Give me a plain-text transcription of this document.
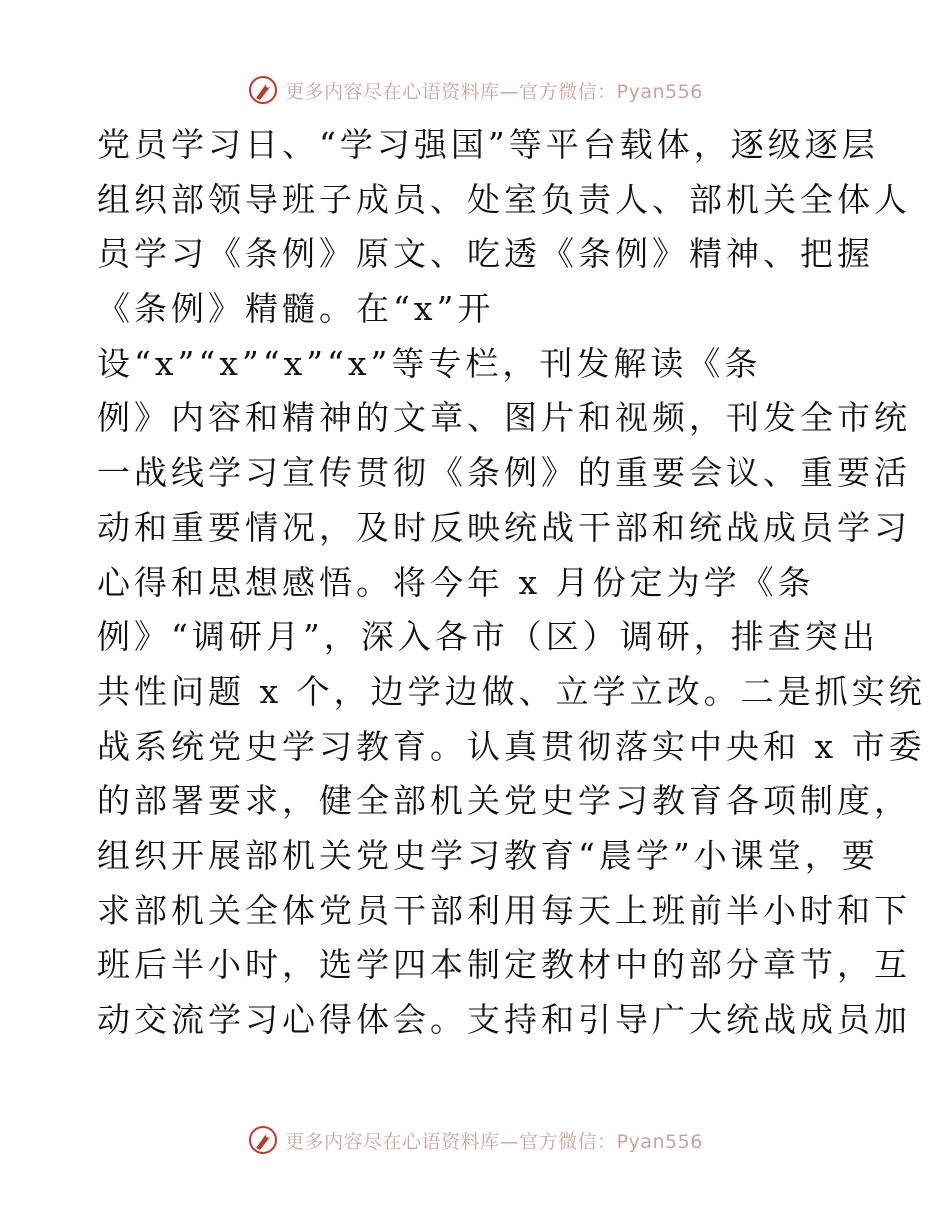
更多内容尽在心语资料库—官方微信：Pyan556
党员学习日、“学习强国”等平台载体，逐级逐层
组织部领导班子成员、处室负责人、部机关全体人
员学习《条例》原文、吃透《条例》精神、把握
《条例》精髓。在“x”开
设“x”“x”“x”“x”等专栏，刊发解读《条
例》内容和精神的文章、图片和视频，刊发全市统
一战线学习宣传贯彻《条例》的重要会议、重要活
动和重要情况，及时反映统战干部和统战成员学习
心得和思想感悟。将今年 x 月份定为学《条
例》“调研月”，深入各市（区）调研，排查突出
共性问题 x 个，边学边做、立学立改。二是抓实统
战系统党史学习教育。认真贯彻落实中央和 x 市委
的部署要求，健全部机关党史学习教育各项制度，
组织开展部机关党史学习教育“晨学”小课堂，要
求部机关全体党员干部利用每天上班前半小时和下
班后半小时，选学四本制定教材中的部分章节，互
动交流学习心得体会。支持和引导广大统战成员加
更多内容尽在心语资料库—官方微信：Pyan556
